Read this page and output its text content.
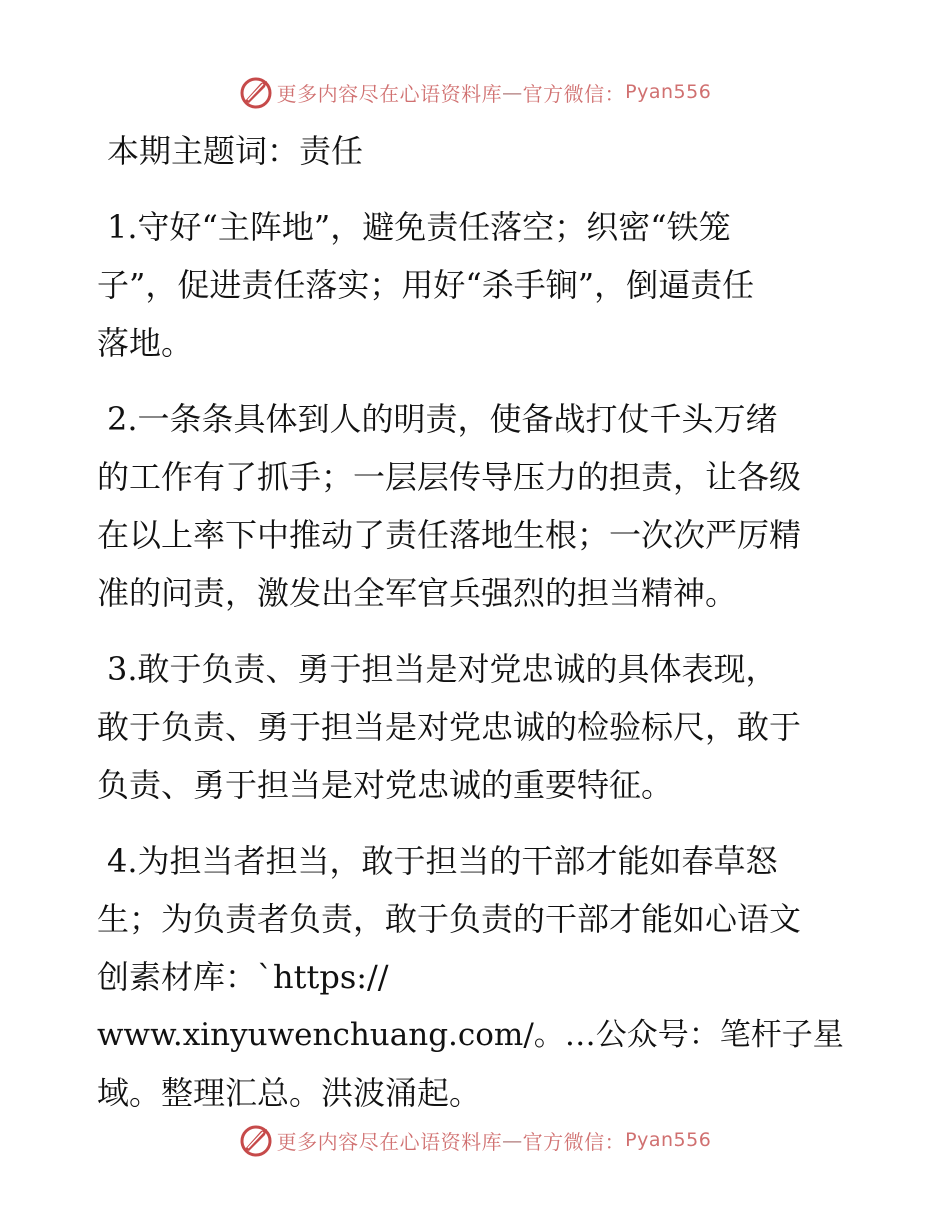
更多内容尽在心语资料库 — 官方微信： Pyan556
本期主题词：责任
1.守好“主阵地”，避免责任落空；织密“铁笼
子”，促进责任落实；用好“杀手锏”，倒逼责任
落地。
2.一条条具体到人的明责，使备战打仗千头万绪
的工作有了抓手；一层层传导压力的担责，让各级
在以上率下中推动了责任落地生根；一次次严厉精
准的问责，激发出全军官兵强烈的担当精神。
3.敢于负责、勇于担当是对党忠诚的具体表现，
敢于负责、勇于担当是对党忠诚的检验标尺，敢于
负责、勇于担当是对党忠诚的重要特征。
4.为担当者担当，敢于担当的干部才能如春草怒
生；为负责者负责，敢于负责的干部才能如心语文
创素材库：`https://
www.xinyuwenchuang.com/。…公众号：笔杆子星
域。整理汇总。洪波涌起。
更多内容尽在心语资料库 — 官方微信： Pyan556
